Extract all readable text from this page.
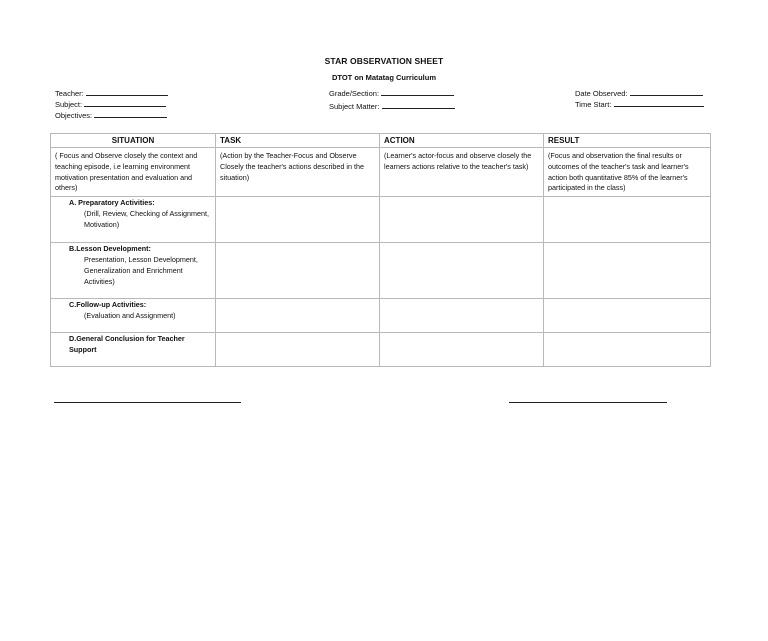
STAR OBSERVATION SHEET
DTOT on Matatag Curriculum
Teacher:
Subject:
Objectives:
Grade/Section:
Subject Matter:
Date Observed:
Time Start:
SITUATION	TASK	ACTION	RESULT
( Focus and Observe closely the context and teaching episode, i.e learning environment motivation presentation and evaluation and others)	(Action by the Teacher-Focus and Observe Closely the teacher's actions described in the situation)	(Learner's actor-focus and observe closely the learners actions relative to the teacher's task)	(Focus and observation the final results or outcomes of the teacher's task and learner's action both quantitative 85% of the learner's participated in the class)

A. Preparatory Activities:
(Drill, Review, Checking of Assignment, Motivation)			

B.Lesson Development:
Presentation, Lesson Development, Generalization and Enrichment Activities)			

C.Follow-up Activities:
(Evaluation and Assignment)			

D.General Conclusion for Teacher Support			
